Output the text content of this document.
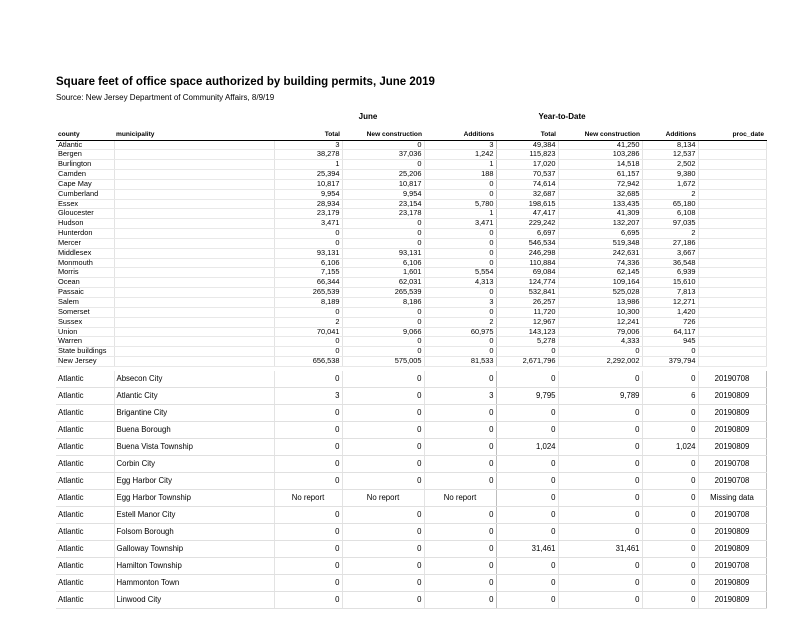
Square feet of office space authorized by building permits, June 2019
Source: New Jersey Department of Community Affairs, 8/9/19
June	Year-to-Date
county	municipality	Total	New construction	Additions	Total	New construction	Additions	proc_date
Atlantic		3	0	3	49,384	41,250	8,134	
Bergen		38,278	37,036	1,242	115,823	103,286	12,537	
Burlington		1	0	1	17,020	14,518	2,502	
Camden		25,394	25,206	188	70,537	61,157	9,380	
Cape May		10,817	10,817	0	74,614	72,942	1,672	
Cumberland		9,954	9,954	0	32,687	32,685	2	
Essex		28,934	23,154	5,780	198,615	133,435	65,180	
Gloucester		23,179	23,178	1	47,417	41,309	6,108	
Hudson		3,471	0	3,471	229,242	132,207	97,035	
Hunterdon		0	0	0	6,697	6,695	2	
Mercer		0	0	0	546,534	519,348	27,186	
Middlesex		93,131	93,131	0	246,298	242,631	3,667	
Monmouth		6,106	6,106	0	110,884	74,336	36,548	
Morris		7,155	1,601	5,554	69,084	62,145	6,939	
Ocean		66,344	62,031	4,313	124,774	109,164	15,610	
Passaic		265,539	265,539	0	532,841	525,028	7,813	
Salem		8,189	8,186	3	26,257	13,986	12,271	
Somerset		0	0	0	11,720	10,300	1,420	
Sussex		2	0	2	12,967	12,241	726	
Union		70,041	9,066	60,975	143,123	79,006	64,117	
Warren		0	0	0	5,278	4,333	945	
State buildings		0	0	0	0	0	0	
New Jersey		656,538	575,005	81,533	2,671,796	2,292,002	379,794	
Atlantic	Absecon City	0	0	0	0	0	0	20190708
Atlantic	Atlantic City	3	0	3	9,795	9,789	6	20190809
Atlantic	Brigantine City	0	0	0	0	0	0	20190809
Atlantic	Buena Borough	0	0	0	0	0	0	20190809
Atlantic	Buena Vista Township	0	0	0	1,024	0	1,024	20190809
Atlantic	Corbin City	0	0	0	0	0	0	20190708
Atlantic	Egg Harbor City	0	0	0	0	0	0	20190708
Atlantic	Egg Harbor Township	No report	No report	No report	0	0	0	Missing data
Atlantic	Estell Manor City	0	0	0	0	0	0	20190708
Atlantic	Folsom Borough	0	0	0	0	0	0	20190809
Atlantic	Galloway Township	0	0	0	31,461	31,461	0	20190809
Atlantic	Hamilton Township	0	0	0	0	0	0	20190708
Atlantic	Hammonton Town	0	0	0	0	0	0	20190809
Atlantic	Linwood City	0	0	0	0	0	0	20190809
